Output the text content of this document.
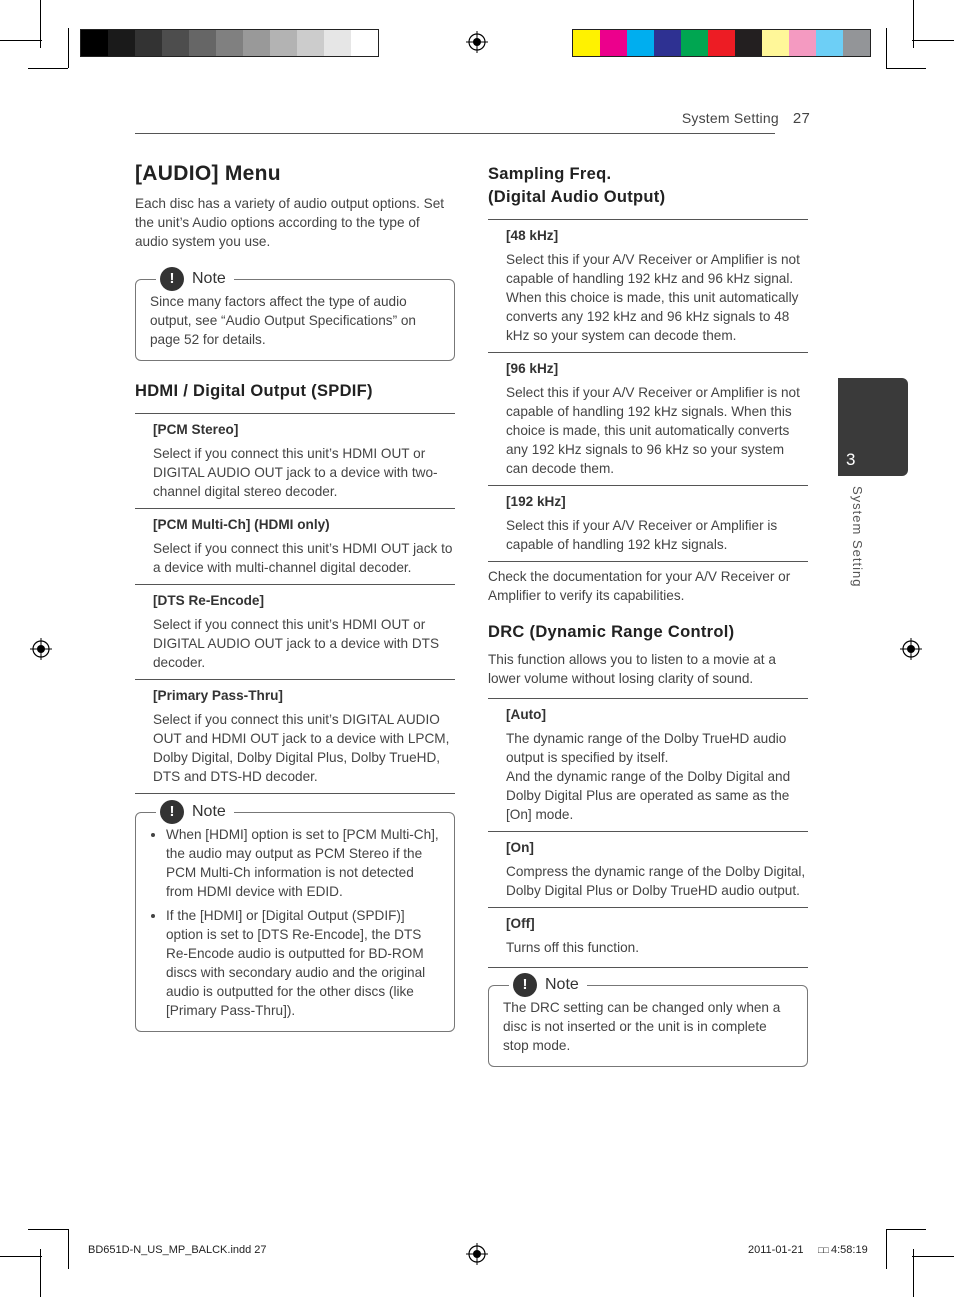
System Setting 27
3
System Setting
[AUDIO] Menu

Each disc has a variety of audio output options. Set the unit’s Audio options according to the type of audio system you use.

!	Note

Since many factors affect the type of audio output, see “Audio Output Specifications” on page 52 for details.

HDMI / Digital Output (SPDIF)
[PCM Stereo]

Select if you connect this unit’s HDMI OUT or DIGITAL AUDIO OUT jack to a device with two-channel digital stereo decoder.

[PCM Multi-Ch] (HDMI only)

Select if you connect this unit’s HDMI OUT jack to a device with multi-channel digital decoder.

[DTS Re-Encode]

Select if you connect this unit’s HDMI OUT or DIGITAL AUDIO OUT jack to a device with DTS decoder.

[Primary Pass-Thru]

Select if you connect this unit’s DIGITAL AUDIO OUT and HDMI OUT jack to a device with LPCM, Dolby Digital, Dolby Digital Plus, Dolby TrueHD, DTS and DTS-HD decoder.

!	Note
• When [HDMI] option is set to [PCM Multi-Ch], the audio may output as PCM Stereo if the PCM Multi-Ch information is not detected from HDMI device with EDID.
• If the [HDMI] or [Digital Output (SPDIF)] option is set to [DTS Re-Encode], the DTS Re-Encode audio is outputted for BD-ROM discs with secondary audio and the original audio is outputted for the other discs (like [Primary Pass-Thru]).
Sampling Freq.
(Digital Audio Output)
[48 kHz]

Select this if your A/V Receiver or Amplifier is not capable of handling 192 kHz and 96 kHz signal. When this choice is made, this unit automatically converts any 192 kHz and 96 kHz signals to 48 kHz so your system can decode them.

[96 kHz]

Select this if your A/V Receiver or Amplifier is not capable of handling 192 kHz signals. When this choice is made, this unit automatically converts any 192 kHz signals to 96 kHz so your system can decode them.

[192 kHz]

Select this if your A/V Receiver or Amplifier is capable of handling 192 kHz signals.

Check the documentation for your A/V Receiver or Amplifier to verify its capabilities.

DRC (Dynamic Range Control)

This function allows you to listen to a movie at a lower volume without losing clarity of sound.

[Auto]

The dynamic range of the Dolby TrueHD audio output is specified by itself.

And the dynamic range of the Dolby Digital and Dolby Digital Plus are operated as same as the [On] mode.

[On]

Compress the dynamic range of the Dolby Digital, Dolby Digital Plus or Dolby TrueHD audio output.

[Off]

Turns off this function.

!	Note

The DRC setting can be changed only when a disc is not inserted or the unit is in complete stop mode.

BD651D-N_US_MP_BALCK.indd 27	2011-01-21 □□ 4:58:19
